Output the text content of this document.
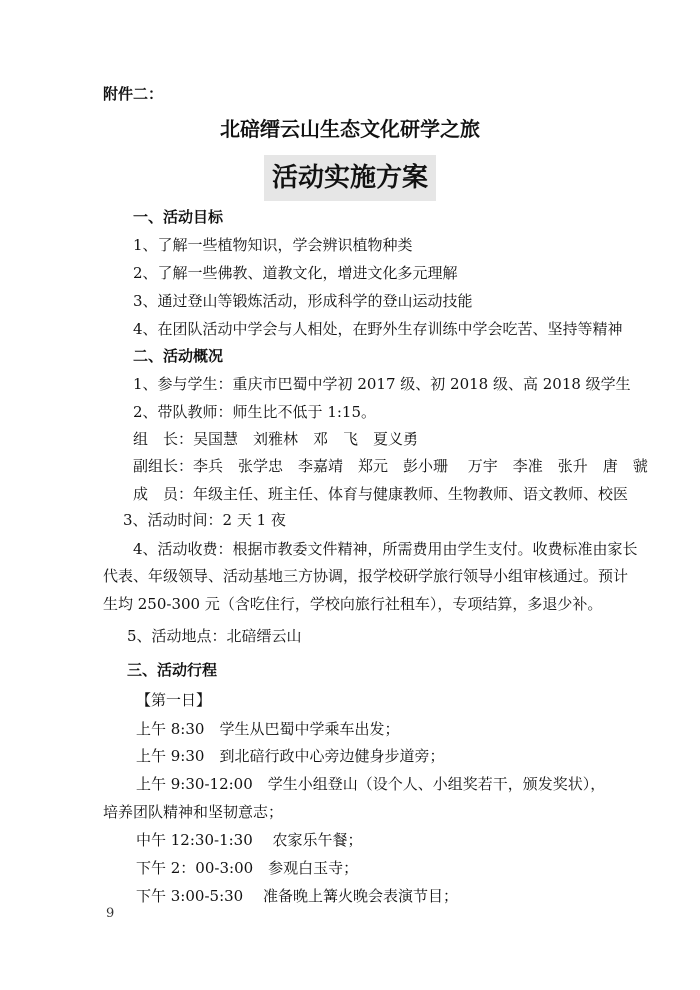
附件二：
北碚缙云山生态文化研学之旅
活动实施方案
一、活动目标
1、了解一些植物知识，学会辨识植物种类
2、了解一些佛教、道教文化，增进文化多元理解
3、通过登山等锻炼活动，形成科学的登山运动技能
4、在团队活动中学会与人相处，在野外生存训练中学会吃苦、坚持等精神
二、活动概况
1、参与学生：重庆市巴蜀中学初 2017 级、初 2018 级、高 2018 级学生
2、带队教师：师生比不低于 1:15。
组　长：吴国慧　刘雅林　邓　飞　夏义勇
副组长：李兵　张学忠　李嘉靖　郑元　彭小珊　 万宇　李准　张升　唐　虢
成　员：年级主任、班主任、体育与健康教师、生物教师、语文教师、校医
3、活动时间：2 天 1 夜
4、活动收费：根据市教委文件精神，所需费用由学生支付。收费标准由家长
代表、年级领导、活动基地三方协调，报学校研学旅行领导小组审核通过。预计
生均 250-300 元（含吃住行，学校向旅行社租车），专项结算，多退少补。
5、活动地点：北碚缙云山
三、活动行程
【第一日】
上午 8:30　学生从巴蜀中学乘车出发；
上午 9:30　到北碚行政中心旁边健身步道旁；
上午 9:30-12:00　学生小组登山（设个人、小组奖若干，颁发奖状），
培养团队精神和坚韧意志；
中午 12:30-1:30　 农家乐午餐；
下午 2：00-3:00　参观白玉寺；
下午 3:00-5:30　 准备晚上篝火晚会表演节目；
9
